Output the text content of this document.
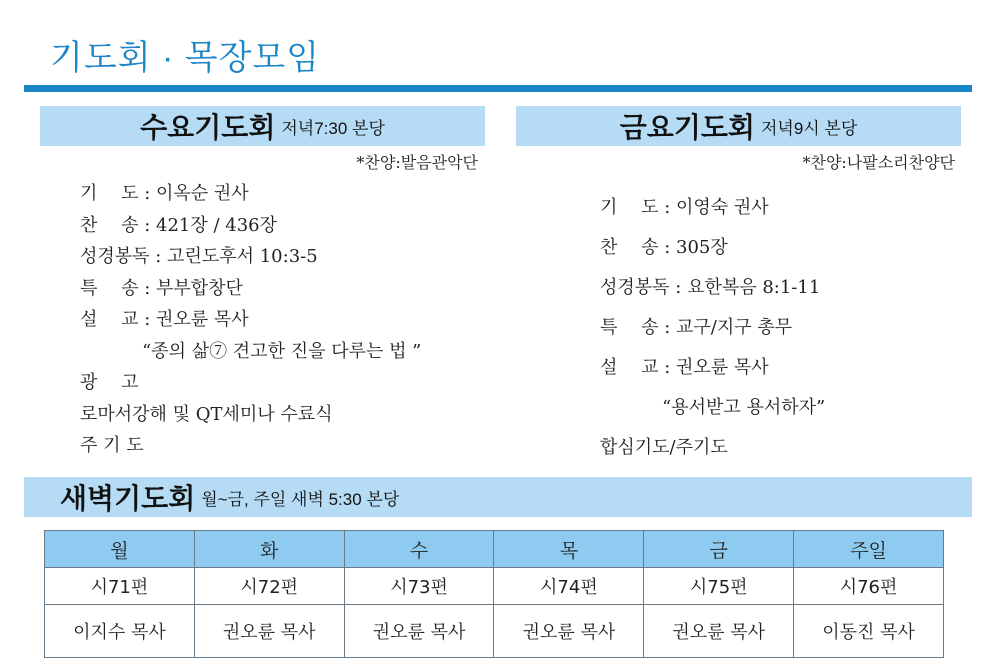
기도회 · 목장모임
수요기도회 저녁7:30 본당
*찬양:발음관악단
기　 도 : 이옥순 권사
찬　 송 : 421장 / 436장
성경봉독 : 고린도후서 10:3-5
특　 송 : 부부합창단
설　 교 : 권오륜 목사
“종의 삶⑦ 견고한 진을 다루는 법 ”
광　 고
로마서강해 및 QT세미나 수료식
주 기 도
금요기도회 저녁9시 본당
*찬양:나팔소리찬양단
기　 도 : 이영숙 권사
찬　 송 : 305장
성경봉독 : 요한복음 8:1-11
특　 송 : 교구/지구 총무
설　 교 : 권오륜 목사
“용서받고 용서하자”
합심기도/주기도
새벽기도회 월~금, 주일 새벽 5:30 본당
월	화	수	목	금	주일
시71편	시72편	시73편	시74편	시75편	시76편
이지수 목사	권오륜 목사	권오륜 목사	권오륜 목사	권오륜 목사	이동진 목사
